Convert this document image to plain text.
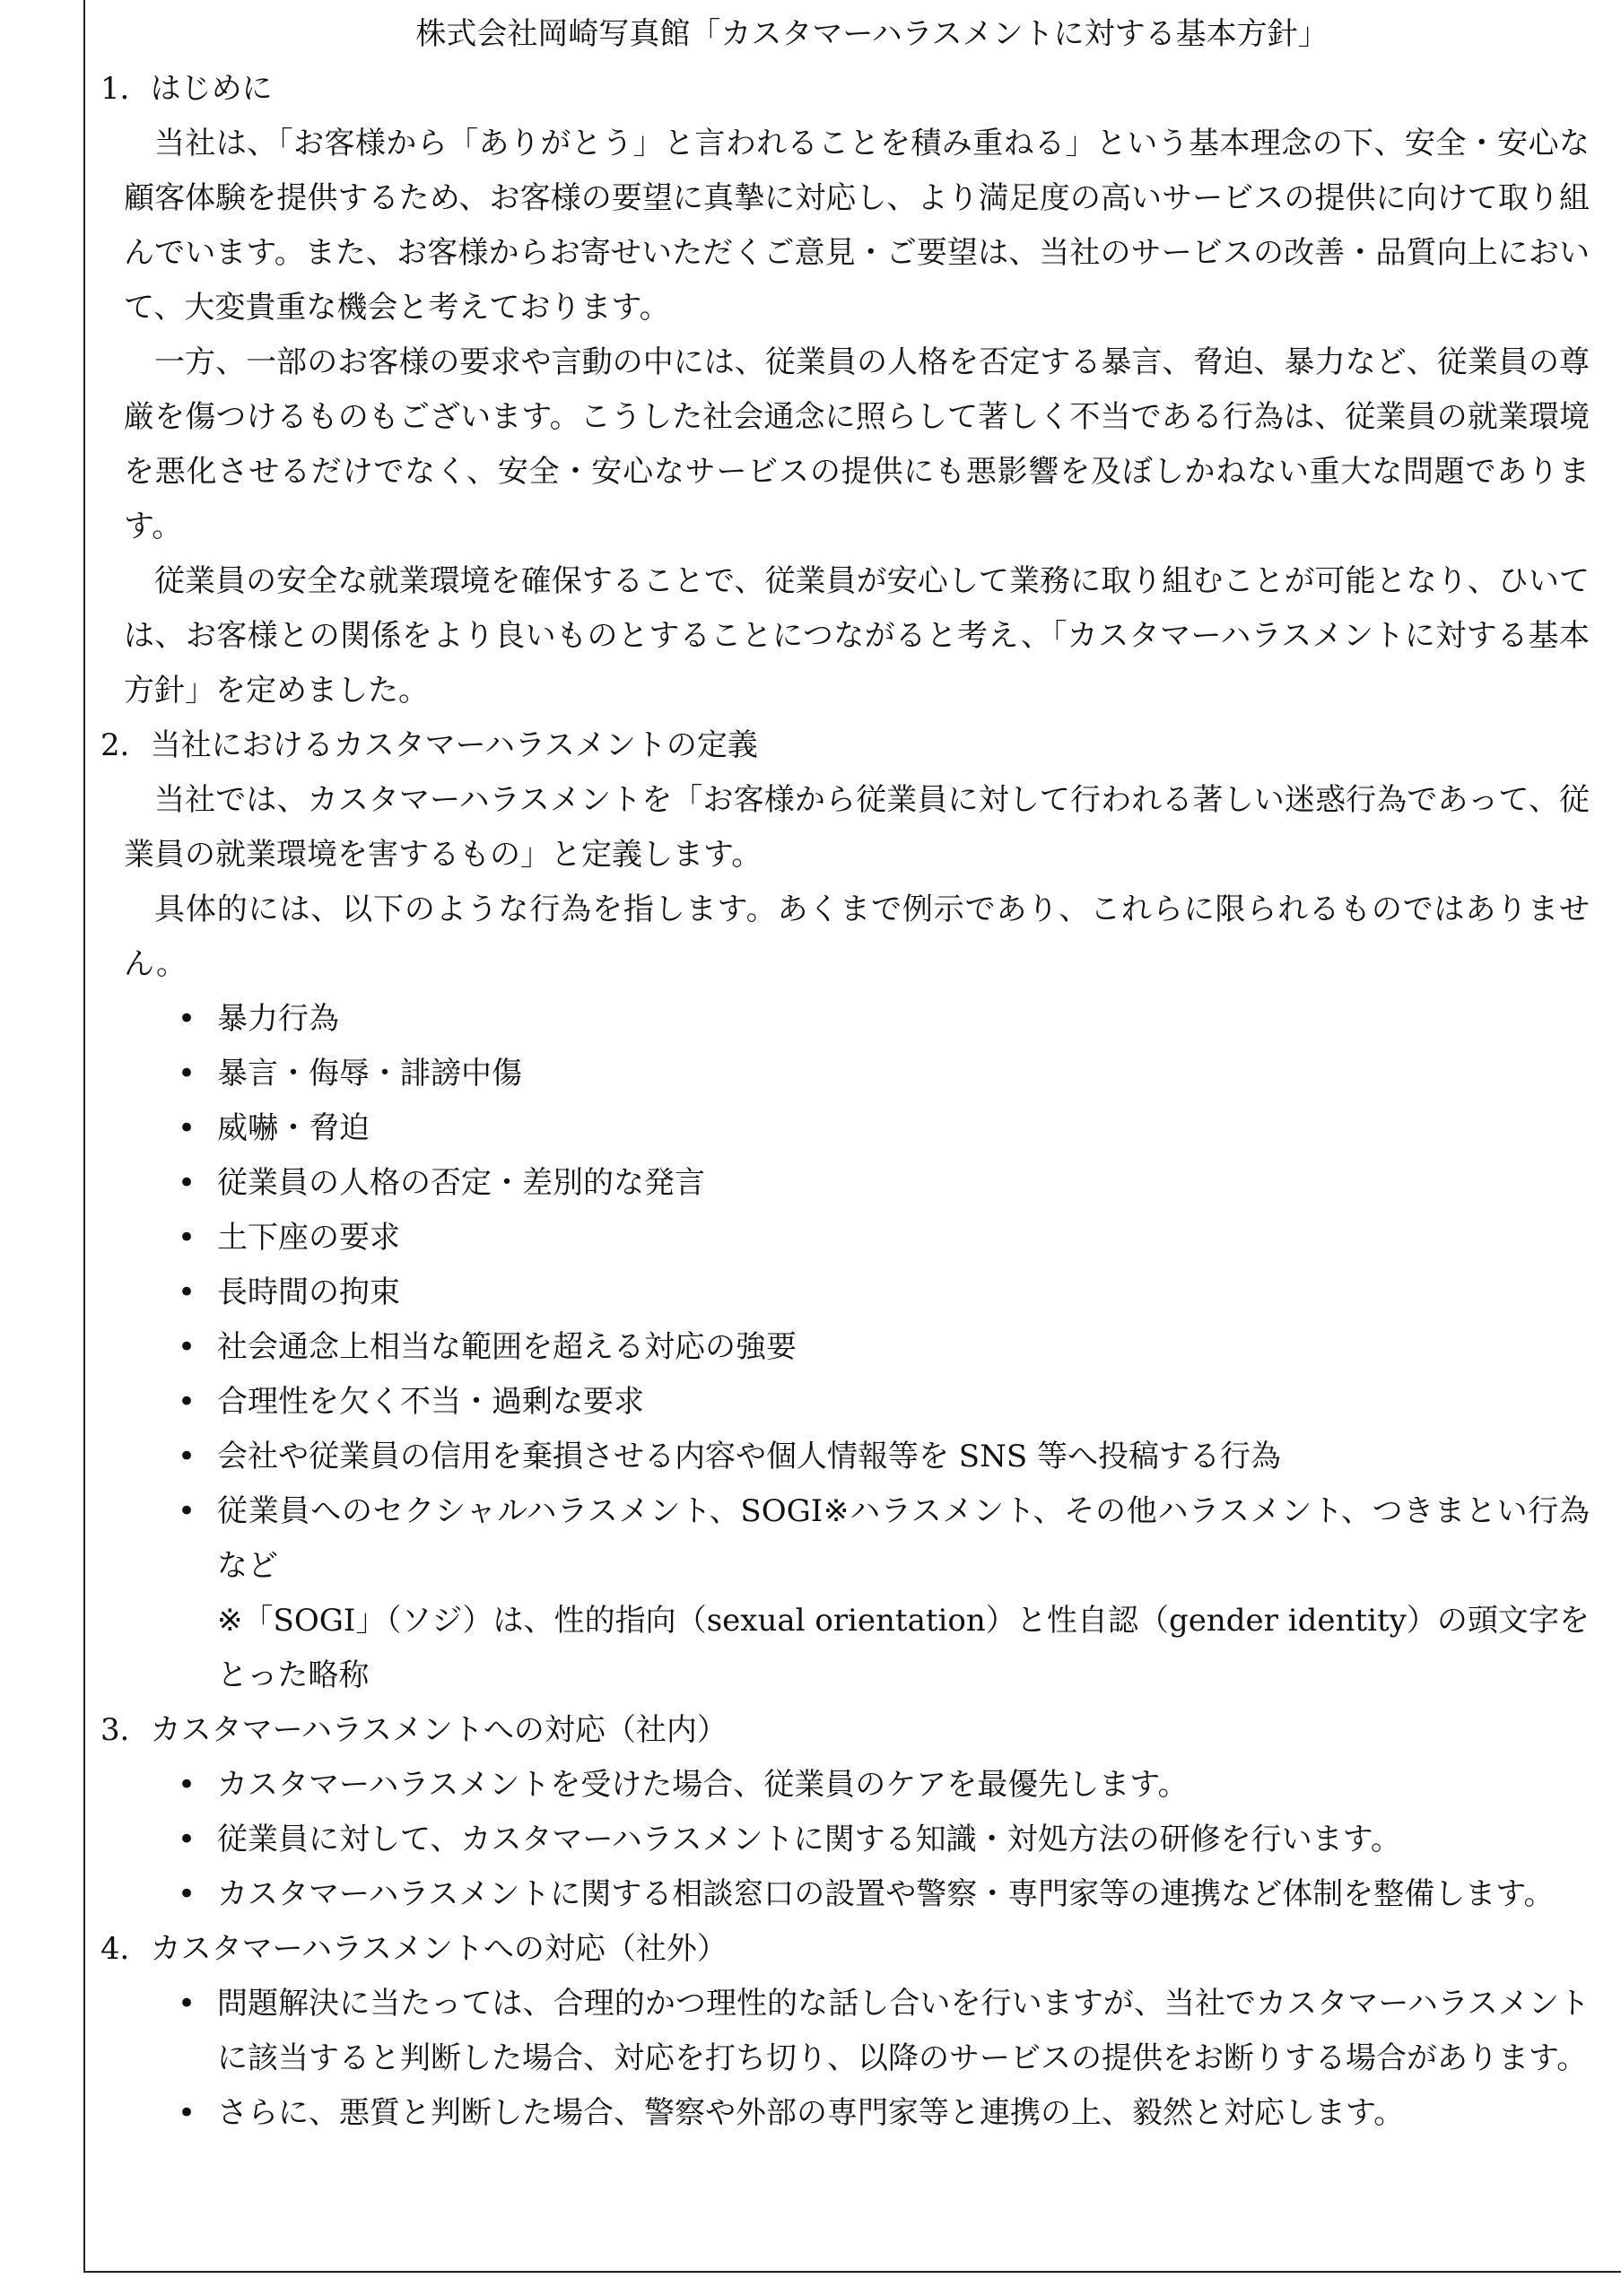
株式会社岡崎写真館「カスタマーハラスメントに対する基本方針」
1．はじめに

当社は、「お客様から「ありがとう」と言われることを積み重ねる」という基本理念の下、安全・安心な顧客体験を提供するため、お客様の要望に真摯に対応し、より満足度の高いサービスの提供に向けて取り組んでいます。また、お客様からお寄せいただくご意見・ご要望は、当社のサービスの改善・品質向上において、大変貴重な機会と考えております。

一方、一部のお客様の要求や言動の中には、従業員の人格を否定する暴言、脅迫、暴力など、従業員の尊厳を傷つけるものもございます。こうした社会通念に照らして著しく不当である行為は、従業員の就業環境を悪化させるだけでなく、安全・安心なサービスの提供にも悪影響を及ぼしかねない重大な問題であります。

従業員の安全な就業環境を確保することで、従業員が安心して業務に取り組むことが可能となり、ひいては、お客様との関係をより良いものとすることにつながると考え、「カスタマーハラスメントに対する基本方針」を定めました。

2．当社におけるカスタマーハラスメントの定義

当社では、カスタマーハラスメントを「お客様から従業員に対して行われる著しい迷惑行為であって、従業員の就業環境を害するもの」と定義します。

具体的には、以下のような行為を指します。あくまで例示であり、これらに限られるものではありません。

• 暴力行為
• 暴言・侮辱・誹謗中傷
• 威嚇・脅迫
• 従業員の人格の否定・差別的な発言
• 土下座の要求
• 長時間の拘束
• 社会通念上相当な範囲を超える対応の強要
• 合理性を欠く不当・過剰な要求
• 会社や従業員の信用を棄損させる内容や個人情報等を SNS 等へ投稿する行為
• 従業員へのセクシャルハラスメント、SOGI※ハラスメント、その他ハラスメント、つきまとい行為　など
※「SOGI」（ソジ）は、性的指向（sexual orientation）と性自認（gender identity）の頭文字をとった略称
3．カスタマーハラスメントへの対応（社内）
• カスタマーハラスメントを受けた場合、従業員のケアを最優先します。
• 従業員に対して、カスタマーハラスメントに関する知識・対処方法の研修を行います。
• カスタマーハラスメントに関する相談窓口の設置や警察・専門家等の連携など体制を整備します。
4．カスタマーハラスメントへの対応（社外）
• 問題解決に当たっては、合理的かつ理性的な話し合いを行いますが、当社でカスタマーハラスメントに該当すると判断した場合、対応を打ち切り、以降のサービスの提供をお断りする場合があります。
• さらに、悪質と判断した場合、警察や外部の専門家等と連携の上、毅然と対応します。
